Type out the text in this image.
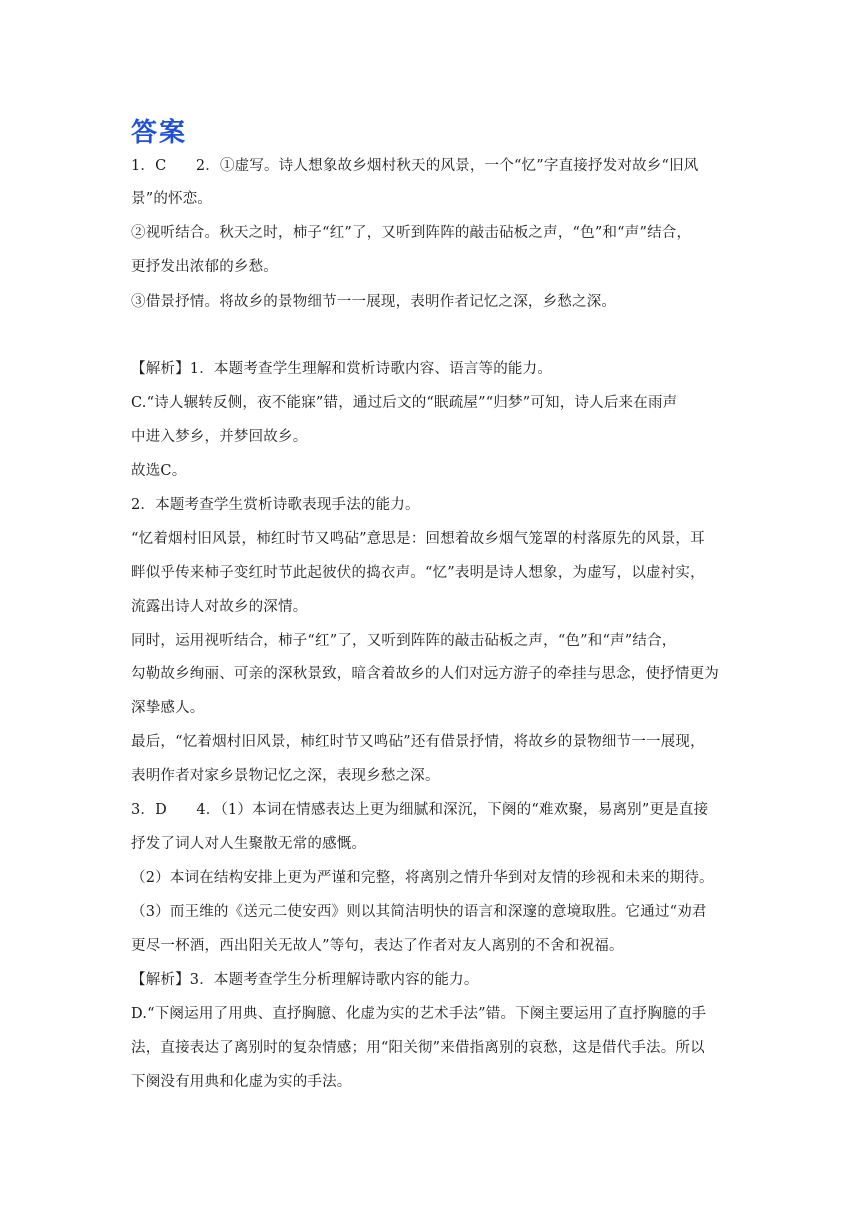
答案
1．C　　2．①虚写。诗人想象故乡烟村秋天的风景，一个“忆”字直接抒发对故乡“旧风
景”的怀恋。
②视听结合。秋天之时，柿子“红”了，又听到阵阵的敲击砧板之声，“色”和“声”结合，
更抒发出浓郁的乡愁。
③借景抒情。将故乡的景物细节一一展现，表明作者记忆之深，乡愁之深。
【解析】1．本题考查学生理解和赏析诗歌内容、语言等的能力。
C.“诗人辗转反侧，夜不能寐”错，通过后文的“眠疏屋”“归梦”可知，诗人后来在雨声
中进入梦乡，并梦回故乡。
故选C。
2．本题考查学生赏析诗歌表现手法的能力。
“忆着烟村旧风景，柿红时节又鸣砧”意思是：回想着故乡烟气笼罩的村落原先的风景，耳
畔似乎传来柿子变红时节此起彼伏的捣衣声。“忆”表明是诗人想象，为虚写，以虚衬实，
流露出诗人对故乡的深情。
同时，运用视听结合，柿子“红”了，又听到阵阵的敲击砧板之声，“色”和“声”结合，
勾勒故乡绚丽、可亲的深秋景致，暗含着故乡的人们对远方游子的牵挂与思念，使抒情更为
深挚感人。
最后，“忆着烟村旧风景，柿红时节又鸣砧”还有借景抒情，将故乡的景物细节一一展现，
表明作者对家乡景物记忆之深，表现乡愁之深。
3．D　　4．（1）本词在情感表达上更为细腻和深沉，下阕的“难欢聚，易离别”更是直接
抒发了词人对人生聚散无常的感慨。
（2）本词在结构安排上更为严谨和完整，将离别之情升华到对友情的珍视和未来的期待。
（3）而王维的《送元二使安西》则以其简洁明快的语言和深邃的意境取胜。它通过“劝君
更尽一杯酒，西出阳关无故人”等句，表达了作者对友人离别的不舍和祝福。
【解析】3．本题考查学生分析理解诗歌内容的能力。
D.“下阕运用了用典、直抒胸臆、化虚为实的艺术手法”错。下阕主要运用了直抒胸臆的手
法，直接表达了离别时的复杂情感；用“阳关彻”来借指离别的哀愁，这是借代手法。所以
下阕没有用典和化虚为实的手法。
